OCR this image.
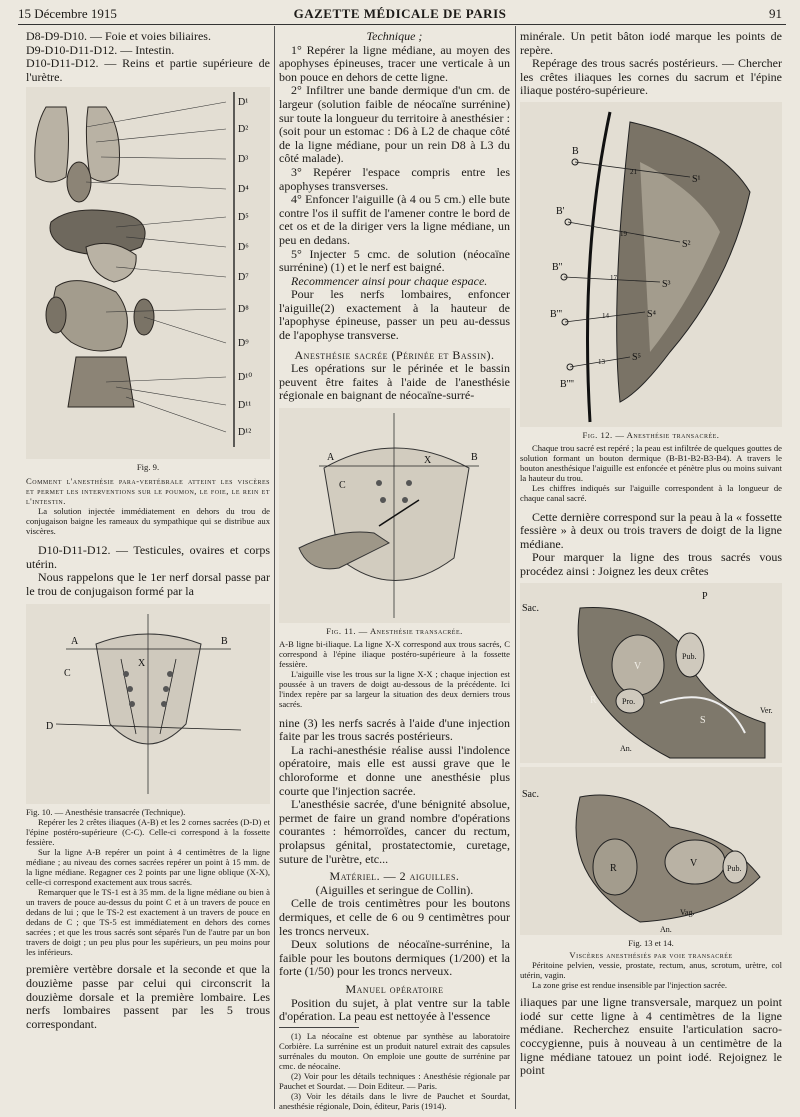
15 Décembre 1915	GAZETTE MÉDICALE DE PARIS	91

D8-D9-D10. — Foie et voies biliaires.

D9-D10-D11-D12. — Intestin.

D10-D11-D12. — Reins et partie supérieure de l'urètre.

D¹
D²
D³
D⁴
D⁵
D⁶
D⁷
D⁸
D⁹
D¹⁰
D¹¹
D¹²
Fig. 9.

Comment l'anesthésie para-vertébrale atteint les viscères et permet les interventions sur le poumon, le foie, le rein et l'intestin.

La solution injectée immédiatement en dehors du trou de conjugaison baigne les rameaux du sympathique qui se distribue aux viscères.

D10-D11-D12. — Testicules, ovaires et corps utérin.

Nous rappelons que le 1er nerf dorsal passe par le trou de conjugaison formé par la

A	B
C
D
X

Fig. 10. — Anesthésie transacrée (Technique).

Repérer les 2 crêtes iliaques (A-B) et les 2 cornes sacrées (D-D) et l'épine postéro-supérieure (C-C). Celle-ci correspond à la fossette fessière.

Sur la ligne A-B repérer un point à 4 centimètres de la ligne médiane ; au niveau des cornes sacrées repérer un point à 15 mm. de la ligne médiane. Regagner ces 2 points par une ligne oblique (X-X), celle-ci correspond exactement aux trous sacrés.

Remarquer que le TS-1 est à 35 mm. de la ligne médiane ou bien à un travers de pouce au-dessus du point C et à un travers de pouce en dedans de lui ; que le TS-2 est exactement à un travers de pouce en dedans de C ; que TS-5 est immédiatement en dehors des cornes sacrées ; et que les trous sacrés sont séparés l'un de l'autre par un bon travers de doigt ; un peu plus pour les supérieurs, un peu moins pour les inférieurs.

première vertèbre dorsale et la seconde et que la douzième passe par celui qui circonscrit la douzième dorsale et la première lombaire. Les nerfs lombaires passent par les 5 trous correspondant.

Technique ;

1° Repérer la ligne médiane, au moyen des apophyses épineuses, tracer une verticale à un bon pouce en dehors de cette ligne.

2° Infiltrer une bande dermique d'un cm. de largeur (solution faible de néocaïne surrénine) sur toute la longueur du territoire à anesthésier : (soit pour un estomac : D6 à L2 de chaque côté de la ligne médiane, pour un rein D8 à L3 du côté malade).

3° Repérer l'espace compris entre les apophyses transverses.

4° Enfoncer l'aiguille (à 4 ou 5 cm.) elle bute contre l'os il suffit de l'amener contre le bord de cet os et de la diriger vers la ligne médiane, un peu en dedans.

5° Injecter 5 cmc. de solution (néocaïne surrénine) (1) et le nerf est baigné.

Recommencer ainsi pour chaque espace.

Pour les nerfs lombaires, enfoncer l'aiguille(2) exactement à la hauteur de l'apophyse épineuse, passer un peu au-dessus de l'apophyse transverse.

Anesthésie sacrée (Périnée et Bassin).

Les opérations sur le périnée et le bassin peuvent être faites à l'aide de l'anesthésie régionale en baignant de néocaïne-surré-

A	B
C
X

Fig. 11. — Anesthésie transacrée.

A-B ligne bi-iliaque. La ligne X-X correspond aux trous sacrés, C correspond à l'épine iliaque postéro-supérieure à la fossette fessière.

L'aiguille vise les trous sur la ligne X-X ; chaque injection est poussée à un travers de doigt au-dessous de la précédente. Ici l'index repère par sa largeur la situation des deux derniers trous sacrés.

nine (3) les nerfs sacrés à l'aide d'une injection faite par les trous sacrés postérieurs.

La rachi-anesthésie réalise aussi l'indolence opératoire, mais elle est aussi grave que le chloroforme et donne une anesthésie plus courte que l'injection sacrée.

L'anesthésie sacrée, d'une bénignité absolue, permet de faire un grand nombre d'opérations courantes : hémorroïdes, cancer du rectum, prolapsus génital, prostatectomie, curetage, suture de l'urètre, etc...

Matériel. — 2 aiguilles.

(Aiguilles et seringue de Collin).

Celle de trois centimètres pour les boutons dermiques, et celle de 6 ou 9 centimètres pour les troncs nerveux.

Deux solutions de néocaïne-surrénine, la faible pour les boutons dermiques (1/200) et la forte (1/50) pour les troncs nerveux.

Manuel opératoire

Position du sujet, à plat ventre sur la table d'opération. La peau est nettoyée à l'essence

(1) La néocaïne est obtenue par synthèse au laboratoire Corbière. La surrénine est un produit naturel extrait des capsules surrénales du mouton. On emploie une goutte de surrénine par cmc. de néocaïne.

(2) Voir pour les détails techniques : Anesthésie régionale par Pauchet et Sourdat. — Doin Editeur. — Paris.

(3) Voir les détails dans le livre de Pauchet et Sourdat, anesthésie régionale, Doin, éditeur, Paris (1914).

minérale. Un petit bâton iodé marque les points de repère.

Repérage des trous sacrés postérieurs. — Chercher les crêtes iliaques les cornes du sacrum et l'épine iliaque postéro-supérieure.

B
B'
B''
B'''
B''''
S¹
S²
S³
S⁴
S⁵
21
19
17
14
13

Fig. 12. — Anesthésie transacrée.

Chaque trou sacré est repéré ; la peau est infiltrée de quelques gouttes de solution formant un bouton dermique (B-B1-B2-B3-B4). A travers le bouton anesthésique l'aiguille est enfoncée et pénètre plus ou moins suivant la hauteur du trou.

Les chiffres indiqués sur l'aiguille correspondent à la longueur de chaque canal sacré.

Cette dernière correspond sur la peau à la « fossette fessière » à deux ou trois travers de doigt de la ligne médiane.

Pour marquer la ligne des trous sacrés vous procédez ainsi : Joignez les deux crêtes

Sac.
P
V
Pub.
Pro.
R
S
Ver.
An.
Sac.
R	V	Pub.
Vag.
An.

Fig. 13 et 14.

Viscères anesthésiés par voie transacrée

Péritoine pelvien, vessie, prostate, rectum, anus, scrotum, urètre, col utérin, vagin.

La zone grise est rendue insensible par l'injection sacrée.

iliaques par une ligne transversale, marquez un point iodé sur cette ligne à 4 centimètres de la ligne médiane. Recherchez ensuite l'articulation sacro-coccygienne, puis à nouveau à un centimètre de la ligne médiane tatouez un point iodé. Rejoignez le point
